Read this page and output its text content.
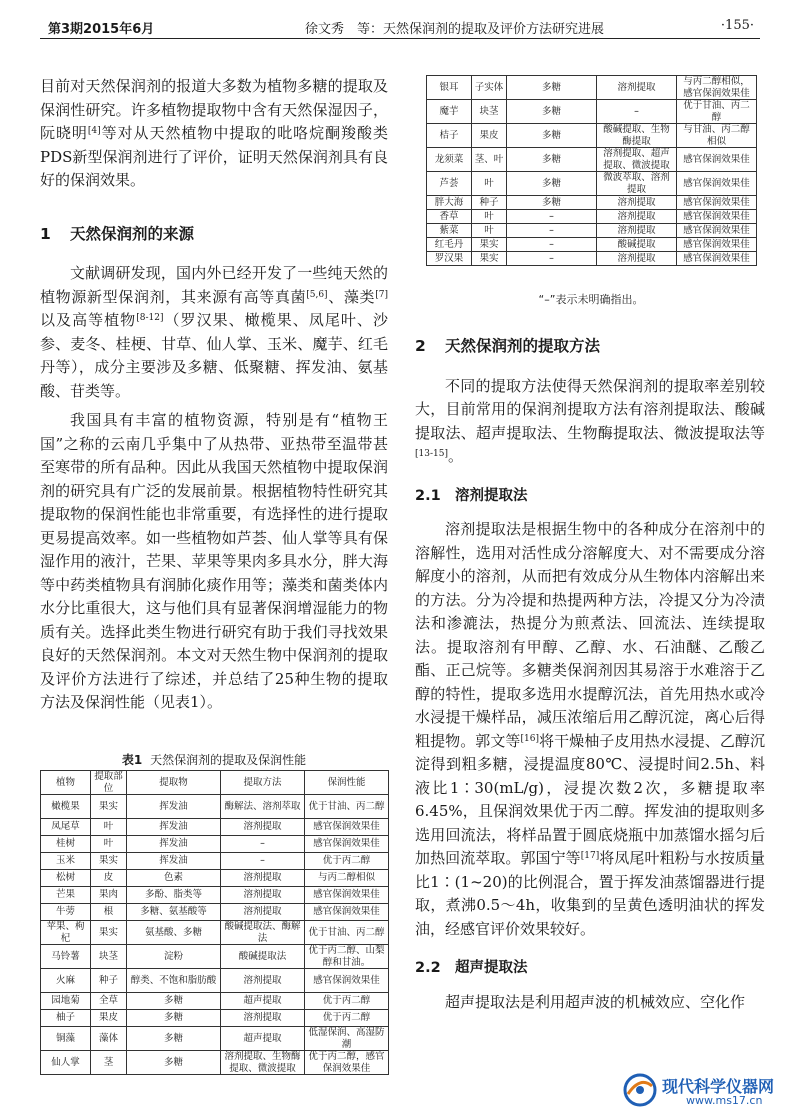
第3期2015年6月	徐文秀　等：天然保润剂的提取及评价方法研究进展	·155·

目前对天然保润剂的报道大多数为植物多糖的提取及保润性研究。许多植物提取物中含有天然保湿因子，阮晓明[4]等对从天然植物中提取的吡咯烷酮羧酸类PDS新型保润剂进行了评价，证明天然保润剂具有良好的保润效果。

1 天然保润剂的来源

文献调研发现，国内外已经开发了一些纯天然的植物源新型保润剂，其来源有高等真菌[5,6]、藻类[7]以及高等植物[8-12]（罗汉果、橄榄果、凤尾叶、沙参、麦冬、桂梗、甘草、仙人掌、玉米、魔芋、红毛丹等），成分主要涉及多糖、低聚糖、挥发油、氨基酸、苷类等。

我国具有丰富的植物资源，特别是有“植物王国”之称的云南几乎集中了从热带、亚热带至温带甚至寒带的所有品种。因此从我国天然植物中提取保润剂的研究具有广泛的发展前景。根据植物特性研究其提取物的保润性能也非常重要，有选择性的进行提取更易提高效率。如一些植物如芦荟、仙人掌等具有保湿作用的液汁，芒果、苹果等果肉多具水分，胖大海等中药类植物具有润肺化痰作用等；藻类和菌类体内水分比重很大，这与他们具有显著保润增湿能力的物质有关。选择此类生物进行研究有助于我们寻找效果良好的天然保润剂。本文对天然生物中保润剂的提取及评价方法进行了综述，并总结了25种生物的提取方法及保润性能（见表1）。

表1 天然保润剂的提取及保润性能
植物	提取部位	提取物	提取方法	保润性能
橄榄果	果实	挥发油	酶解法、溶剂萃取	优于甘油、丙二醇
凤尾草	叶	挥发油	溶剂提取	感官保润效果佳
桂树	叶	挥发油	–	感官保润效果佳
玉米	果实	挥发油	–	优于丙二醇
松树	皮	色素	溶剂提取	与丙二醇相似
芒果	果肉	多酚、脂类等	溶剂提取	感官保润效果佳
牛蒡	根	多糖、氨基酸等	溶剂提取	感官保润效果佳
苹果、枸杞	果实	氨基酸、多糖	酸碱提取法、酶解法	优于甘油、丙二醇
马铃薯	块茎	淀粉	酸碱提取法	优于丙二醇、山梨醇和甘油。
火麻	种子	醇类、不饱和脂肪酸	溶剂提取	感官保润效果佳
园地菊	全草	多糖	超声提取	优于丙二醇
柚子	果皮	多糖	溶剂提取	优于丙二醇
铜藻	藻体	多糖	超声提取	低湿保润、高湿防潮
仙人掌	茎	多糖	溶剂提取、生物酶提取、微波提取	优于丙二醇，感官保润效果佳
银耳	子实体	多糖	溶剂提取	与丙二醇相似，感官保润效果佳
魔芋	块茎	多糖	–	优于甘油、丙二醇
桔子	果皮	多糖	酸碱提取、生物酶提取	与甘油、丙二醇相似
龙须菜	茎、叶	多糖	溶剂提取、超声提取、微波提取	感官保润效果佳
芦荟	叶	多糖	微波萃取、溶剂提取	感官保润效果佳
胖大海	种子	多糖	溶剂提取	感官保润效果佳
香草	叶	–	溶剂提取	感官保润效果佳
紫菜	叶	–	溶剂提取	感官保润效果佳
红毛丹	果实	–	酸碱提取	感官保润效果佳
罗汉果	果实	–	溶剂提取	感官保润效果佳
“–”表示未明确指出。
2 天然保润剂的提取方法

不同的提取方法使得天然保润剂的提取率差别较大，目前常用的保润剂提取方法有溶剂提取法、酸碱提取法、超声提取法、生物酶提取法、微波提取法等[13-15]。

2.1 溶剂提取法

溶剂提取法是根据生物中的各种成分在溶剂中的溶解性，选用对活性成分溶解度大、对不需要成分溶解度小的溶剂，从而把有效成分从生物体内溶解出来的方法。分为冷提和热提两种方法，冷提又分为冷渍法和渗漉法，热提分为煎煮法、回流法、连续提取法。提取溶剂有甲醇、乙醇、水、石油醚、乙酸乙酯、正己烷等。多糖类保润剂因其易溶于水难溶于乙醇的特性，提取多选用水提醇沉法，首先用热水或冷水浸提干燥样品，减压浓缩后用乙醇沉淀，离心后得粗提物。郭文等[16]将干燥柚子皮用热水浸提、乙醇沉淀得到粗多糖，浸提温度80℃、浸提时间2.5h、料液比1∶30(mL/g)，浸提次数2次，多糖提取率6.45%，且保润效果优于丙二醇。挥发油的提取则多选用回流法，将样品置于圆底烧瓶中加蒸馏水摇匀后加热回流萃取。郭国宁等[17]将凤尾叶粗粉与水按质量比1∶(1~20)的比例混合，置于挥发油蒸馏器进行提取，煮沸0.5～4h，收集到的呈黄色透明油状的挥发油，经感官评价效果较好。

2.2 超声提取法

超声提取法是利用超声波的机械效应、空化作

现代科学仪器网
www.ms17.cn
